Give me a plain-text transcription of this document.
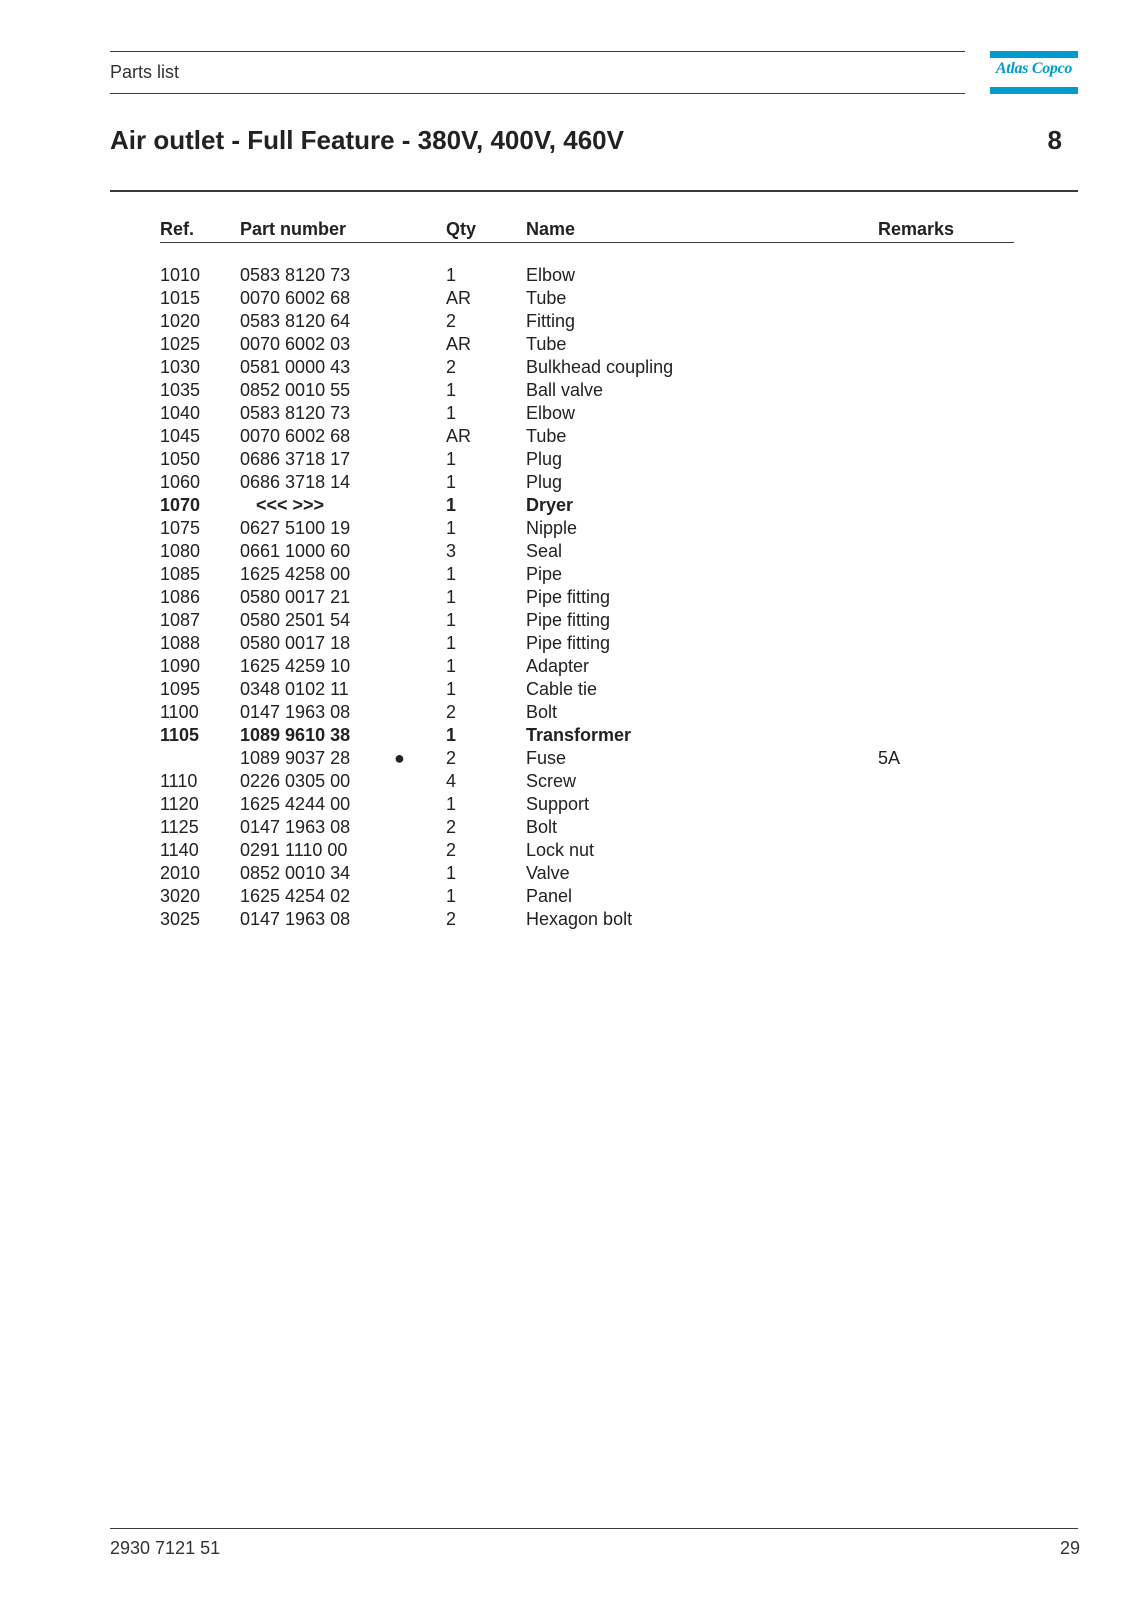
Parts list	Atlas Copco
Air outlet - Full Feature - 380V, 400V, 460V	8
Ref.	Part number		Qty	Name	Remarks

1010	0583 8120 73		1	Elbow	
1015	0070 6002 68		AR	Tube	
1020	0583 8120 64		2	Fitting	
1025	0070 6002 03		AR	Tube	
1030	0581 0000 43		2	Bulkhead coupling	
1035	0852 0010 55		1	Ball valve	
1040	0583 8120 73		1	Elbow	
1045	0070 6002 68		AR	Tube	
1050	0686 3718 17		1	Plug	
1060	0686 3718 14		1	Plug	
1070	<<< >>>		1	Dryer	
1075	0627 5100 19		1	Nipple	
1080	0661 1000 60		3	Seal	
1085	1625 4258 00		1	Pipe	
1086	0580 0017 21		1	Pipe fitting	
1087	0580 2501 54		1	Pipe fitting	
1088	0580 0017 18		1	Pipe fitting	
1090	1625 4259 10		1	Adapter	
1095	0348 0102 11		1	Cable tie	
1100	0147 1963 08		2	Bolt	
1105	1089 9610 38		1	Transformer	
	1089 9037 28	●	2	Fuse	5A
1110	0226 0305 00		4	Screw	
1120	1625 4244 00		1	Support	
1125	0147 1963 08		2	Bolt	
1140	0291 1110 00		2	Lock nut	
2010	0852 0010 34		1	Valve	
3020	1625 4254 02		1	Panel	
3025	0147 1963 08		2	Hexagon bolt	
2930 7121 51	29
